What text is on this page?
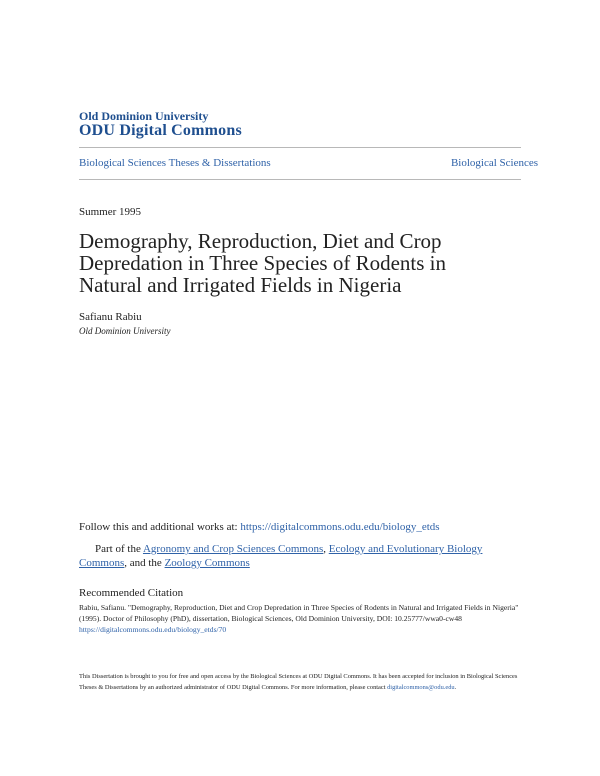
Old Dominion University
ODU Digital Commons
Biological Sciences Theses & Dissertations	Biological Sciences
Summer 1995
Demography, Reproduction, Diet and Crop Depredation in Three Species of Rodents in Natural and Irrigated Fields in Nigeria
Safianu Rabiu
Old Dominion University
Follow this and additional works at: https://digitalcommons.odu.edu/biology_etds
Part of the Agronomy and Crop Sciences Commons, Ecology and Evolutionary Biology Commons, and the Zoology Commons
Recommended Citation
Rabiu, Safianu. "Demography, Reproduction, Diet and Crop Depredation in Three Species of Rodents in Natural and Irrigated Fields in Nigeria" (1995). Doctor of Philosophy (PhD), dissertation, Biological Sciences, Old Dominion University, DOI: 10.25777/wwa0-cw48
https://digitalcommons.odu.edu/biology_etds/70
This Dissertation is brought to you for free and open access by the Biological Sciences at ODU Digital Commons. It has been accepted for inclusion in Biological Sciences Theses & Dissertations by an authorized administrator of ODU Digital Commons. For more information, please contact digitalcommons@odu.edu.
